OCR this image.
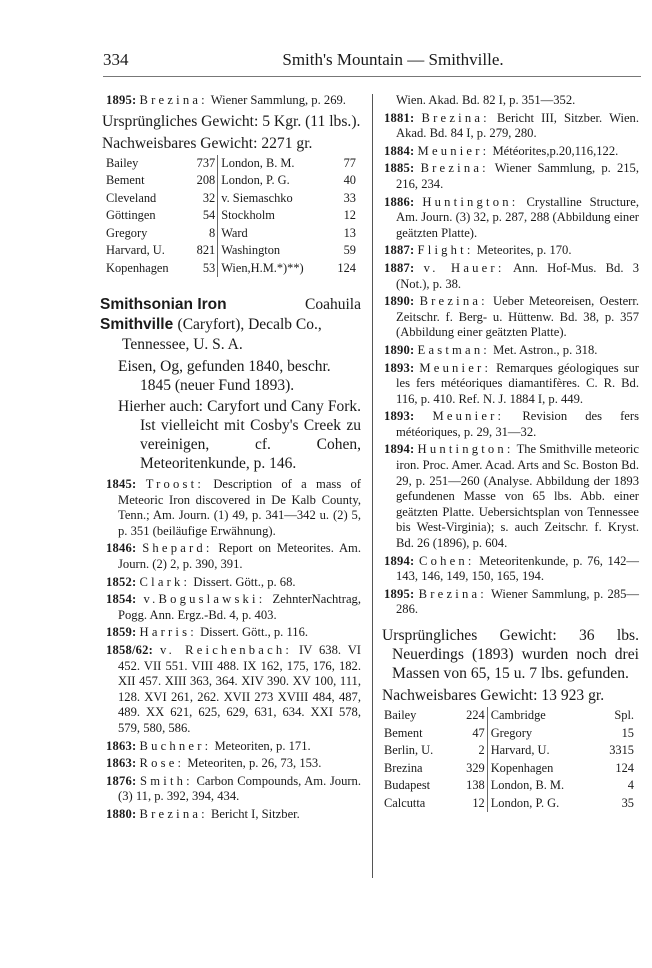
334	Smith's Mountain — Smithville.

1895: Brezina: Wiener Sammlung, p. 269.

Ursprüngliches Gewicht: 5 Kgr. (11 lbs.).

Nachweisbares Gewicht: 2271 gr.

Bailey	737	London, B. M.	77
Bement	208	London, P. G.	40
Cleveland	32	v. Siemaschko	33
Göttingen	54	Stockholm	12
Gregory	8	Ward	13
Harvard, U.	821	Washington	59
Kopenhagen	53	Wien,H.M.*)**)	124
Smithsonian Iron	Coahuila
Smithville (Caryfort), Decalb Co., Tennessee, U. S. A.

Eisen, Og, gefunden 1840, beschr. 1845 (neuer Fund 1893).

Hierher auch: Caryfort und Cany Fork. Ist vielleicht mit Cosby's Creek zu vereinigen, cf. Cohen, Meteoritenkunde, p. 146.

1845: Troost: Description of a mass of Meteoric Iron discovered in De Kalb County, Tenn.; Am. Journ. (1) 49, p. 341—342 u. (2) 5, p. 351 (beiläufige Erwähnung).

1846: Shepard: Report on Meteorites. Am. Journ. (2) 2, p. 390, 391.

1852: Clark: Dissert. Gött., p. 68.

1854: v.Boguslawski: ZehnterNachtrag, Pogg. Ann. Ergz.-Bd. 4, p. 403.

1859: Harris: Dissert. Gött., p. 116.

1858/62: v. Reichenbach: IV 638. VI 452. VII 551. VIII 488. IX 162, 175, 176, 182. XII 457. XIII 363, 364. XIV 390. XV 100, 111, 128. XVI 261, 262. XVII 273 XVIII 484, 487, 489. XX 621, 625, 629, 631, 634. XXI 578, 579, 580, 586.

1863: Buchner: Meteoriten, p. 171.

1863: Rose: Meteoriten, p. 26, 73, 153.

1876: Smith: Carbon Compounds, Am. Journ. (3) 11, p. 392, 394, 434.

1880: Brezina: Bericht I, Sitzber.

Wien. Akad. Bd. 82 I, p. 351—352.

1881: Brezina: Bericht III, Sitzber. Wien. Akad. Bd. 84 I, p. 279, 280.

1884: Meunier: Météorites,p.20,116,122.

1885: Brezina: Wiener Sammlung, p. 215, 216, 234.

1886: Huntington: Crystalline Structure, Am. Journ. (3) 32, p. 287, 288 (Abbildung einer geätzten Platte).

1887: Flight: Meteorites, p. 170.

1887: v. Hauer: Ann. Hof-Mus. Bd. 3 (Not.), p. 38.

1890: Brezina: Ueber Meteoreisen, Oesterr. Zeitschr. f. Berg- u. Hüttenw. Bd. 38, p. 357 (Abbildung einer geätzten Platte).

1890: Eastman: Met. Astron., p. 318.

1893: Meunier: Remarques géologiques sur les fers météoriques diamantifères. C. R. Bd. 116, p. 410. Ref. N. J. 1884 I, p. 449.

1893: Meunier: Revision des fers météoriques, p. 29, 31—32.

1894: Huntington: The Smithville meteoric iron. Proc. Amer. Acad. Arts and Sc. Boston Bd. 29, p. 251—260 (Analyse. Abbildung der 1893 gefundenen Masse von 65 lbs. Abb. einer geätzten Platte. Uebersichtsplan von Tennessee bis West-Virginia); s. auch Zeitschr. f. Kryst. Bd. 26 (1896), p. 604.

1894: Cohen: Meteoritenkunde, p. 76, 142—143, 146, 149, 150, 165, 194.

1895: Brezina: Wiener Sammlung, p. 285—286.

Ursprüngliches Gewicht: 36 lbs. Neuerdings (1893) wurden noch drei Massen von 65, 15 u. 7 lbs. gefunden.

Nachweisbares Gewicht: 13 923 gr.

Bailey	224	Cambridge	Spl.
Bement	47	Gregory	15
Berlin, U.	2	Harvard, U.	3315
Brezina	329	Kopenhagen	124
Budapest	138	London, B. M.	4
Calcutta	12	London, P. G.	35
